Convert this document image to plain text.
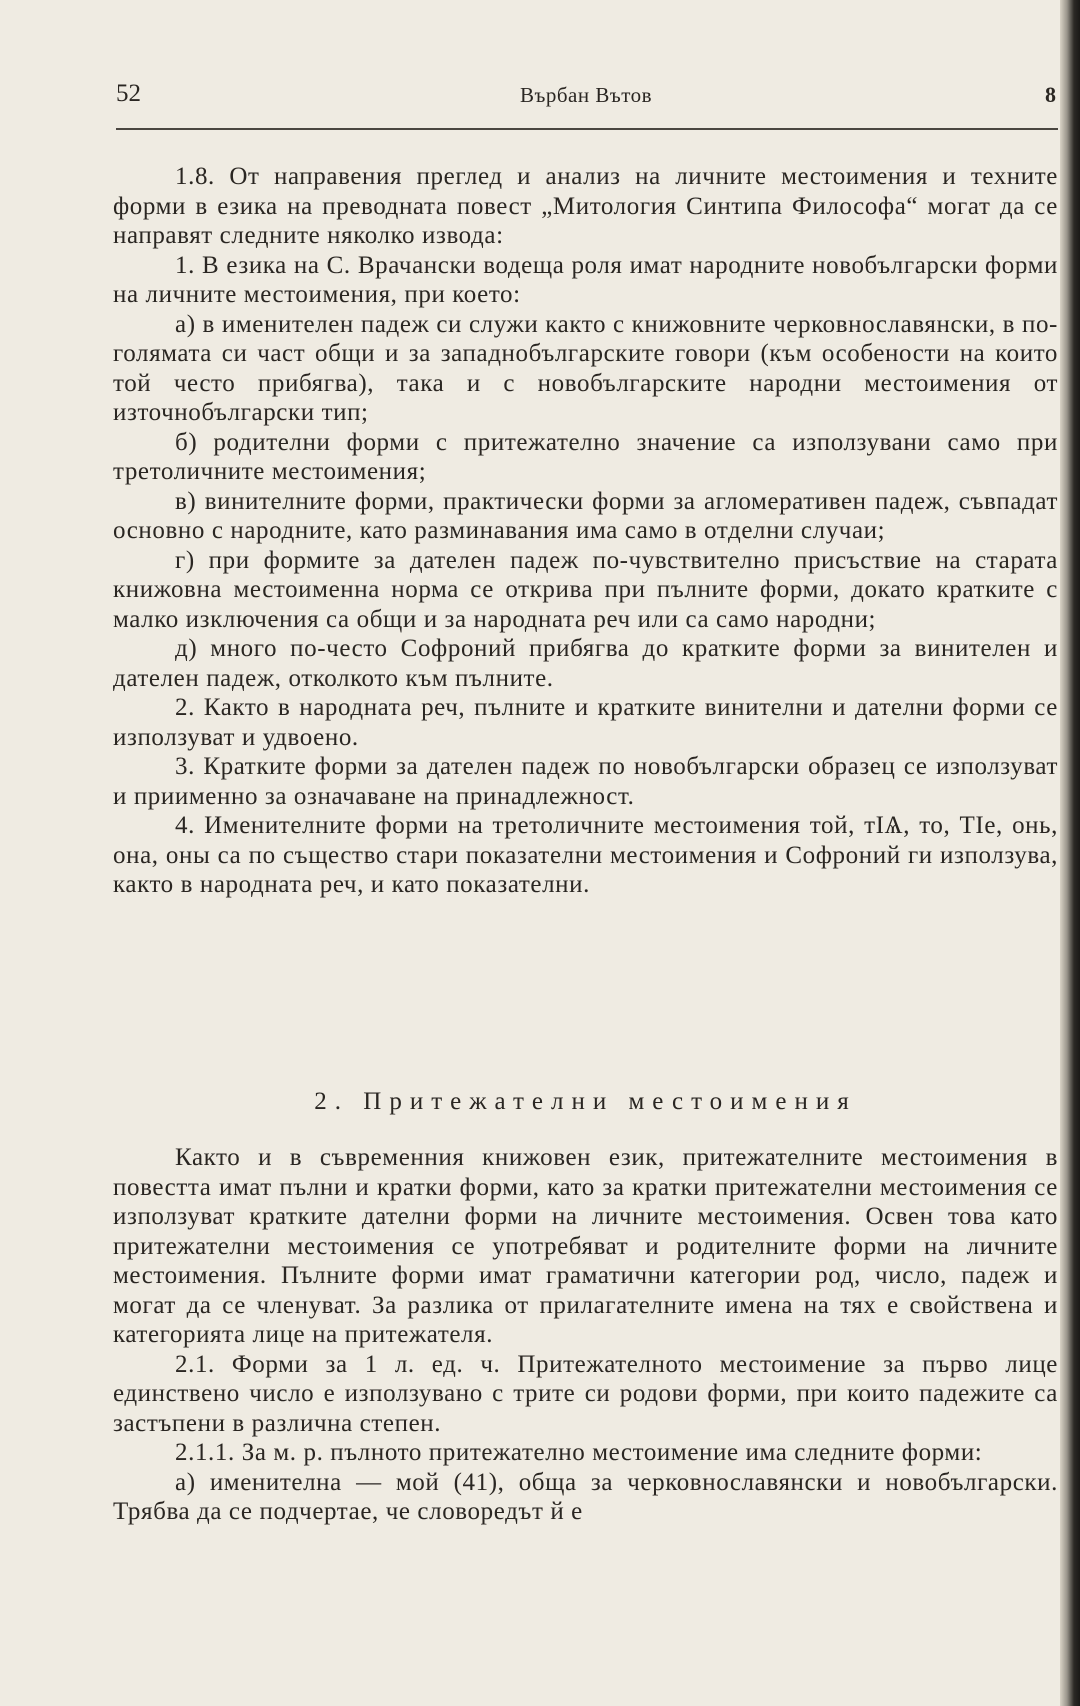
52	Върбан Вътов	8

1.8. От направения преглед и анализ на личните местоимения и техните форми в езика на преводната повест „Митология Синтипа Философа“ могат да се направят следните няколко извода:

1. В езика на С. Врачански водеща роля имат народните новобългарски форми на личните местоимения, при което:

а) в именителен падеж си служи както с книжовните черковнославянски, в по-голямата си част общи и за западнобългарските говори (към особености на които той често прибягва), така и с новобългарските народни местоимения от източнобългарски тип;

б) родителни форми с притежателно значение са използувани само при третоличните местоимения;

в) винителните форми, практически форми за агломеративен падеж, съвпадат основно с народните, като разминавания има само в отделни случаи;

г) при формите за дателен падеж по-чувствително присъствие на старата книжовна местоименна норма се открива при пълните форми, докато кратките с малко изключения са общи и за народната реч или са само народни;

д) много по-често Софроний прибягва до кратките форми за винителен и дателен падеж, отколкото към пълните.

2. Както в народната реч, пълните и кратките винителни и дателни форми се използуват и удвоено.

3. Кратките форми за дателен падеж по новобългарски образец се използуват и приименно за означаване на принадлежност.

4. Именителните форми на третоличните местоимения той, тІѦ, то, ТІе, онь, она, оны са по същество стари показателни местоимения и Софроний ги използува, както в народната реч, и като показателни.

2. Притежателни местоимения

Както и в съвременния книжовен език, притежателните местоимения в повестта имат пълни и кратки форми, като за кратки притежателни местоимения се използуват кратките дателни форми на личните местоимения. Освен това като притежателни местоимения се употребяват и родителните форми на личните местоимения. Пълните форми имат граматични категории род, число, падеж и могат да се членуват. За разлика от прилагателните имена на тях е свойствена и категорията лице на притежателя.

2.1. Форми за 1 л. ед. ч. Притежателното местоимение за първо лице единствено число е използувано с трите си родови форми, при които падежите са застъпени в различна степен.

2.1.1. За м. р. пълното притежателно местоимение има следните форми:

а) именителна — мой (41), обща за черковнославянски и новобългарски. Трябва да се подчертае, че словоредът й е
